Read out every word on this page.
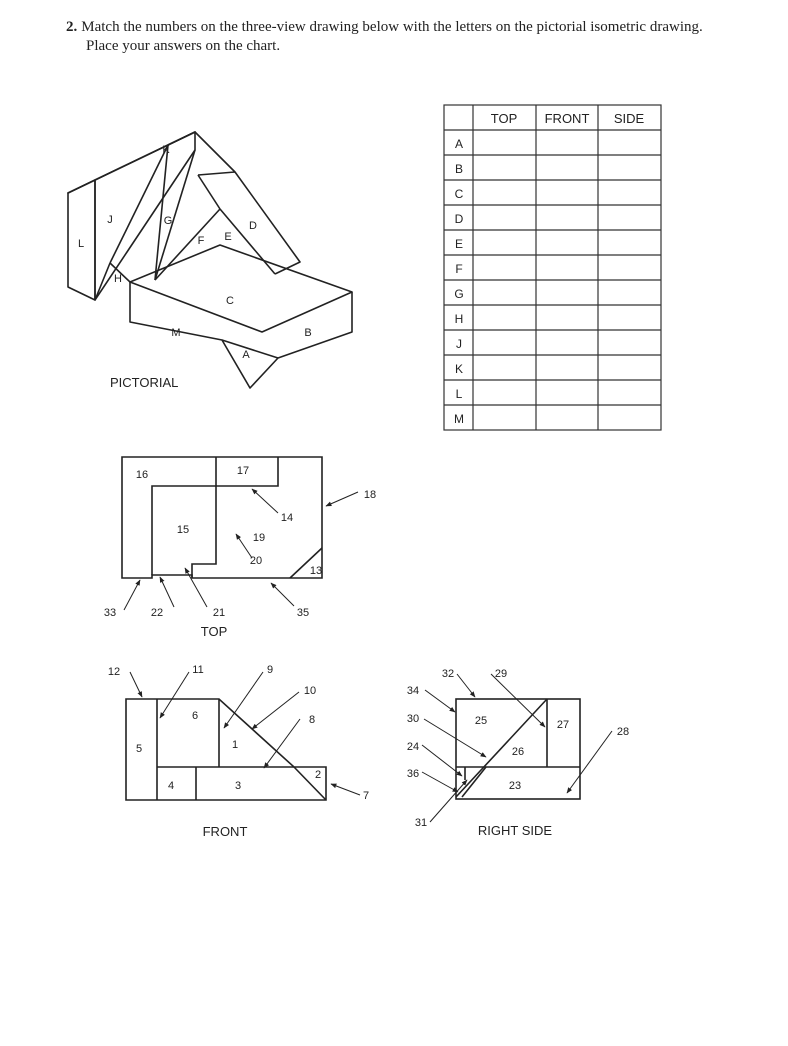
2. Match the numbers on the three-view drawing below with the letters on the pictorial isometric drawing.
Place your answers on the chart.
A
B
C
D
E
F
G
H
J
K
L
M
PICTORIAL
TOP FRONT SIDE
A
B
C
D
E
F
G
H
J
K
L
M
13
14
15
16	17
18
19
20
21
22
33	35
TOP
1
2
3
4
5
6
7
8
9
10
11
12
FRONT
23
24
25
26
27
28
29
30
31
32
34
36
RIGHT SIDE
